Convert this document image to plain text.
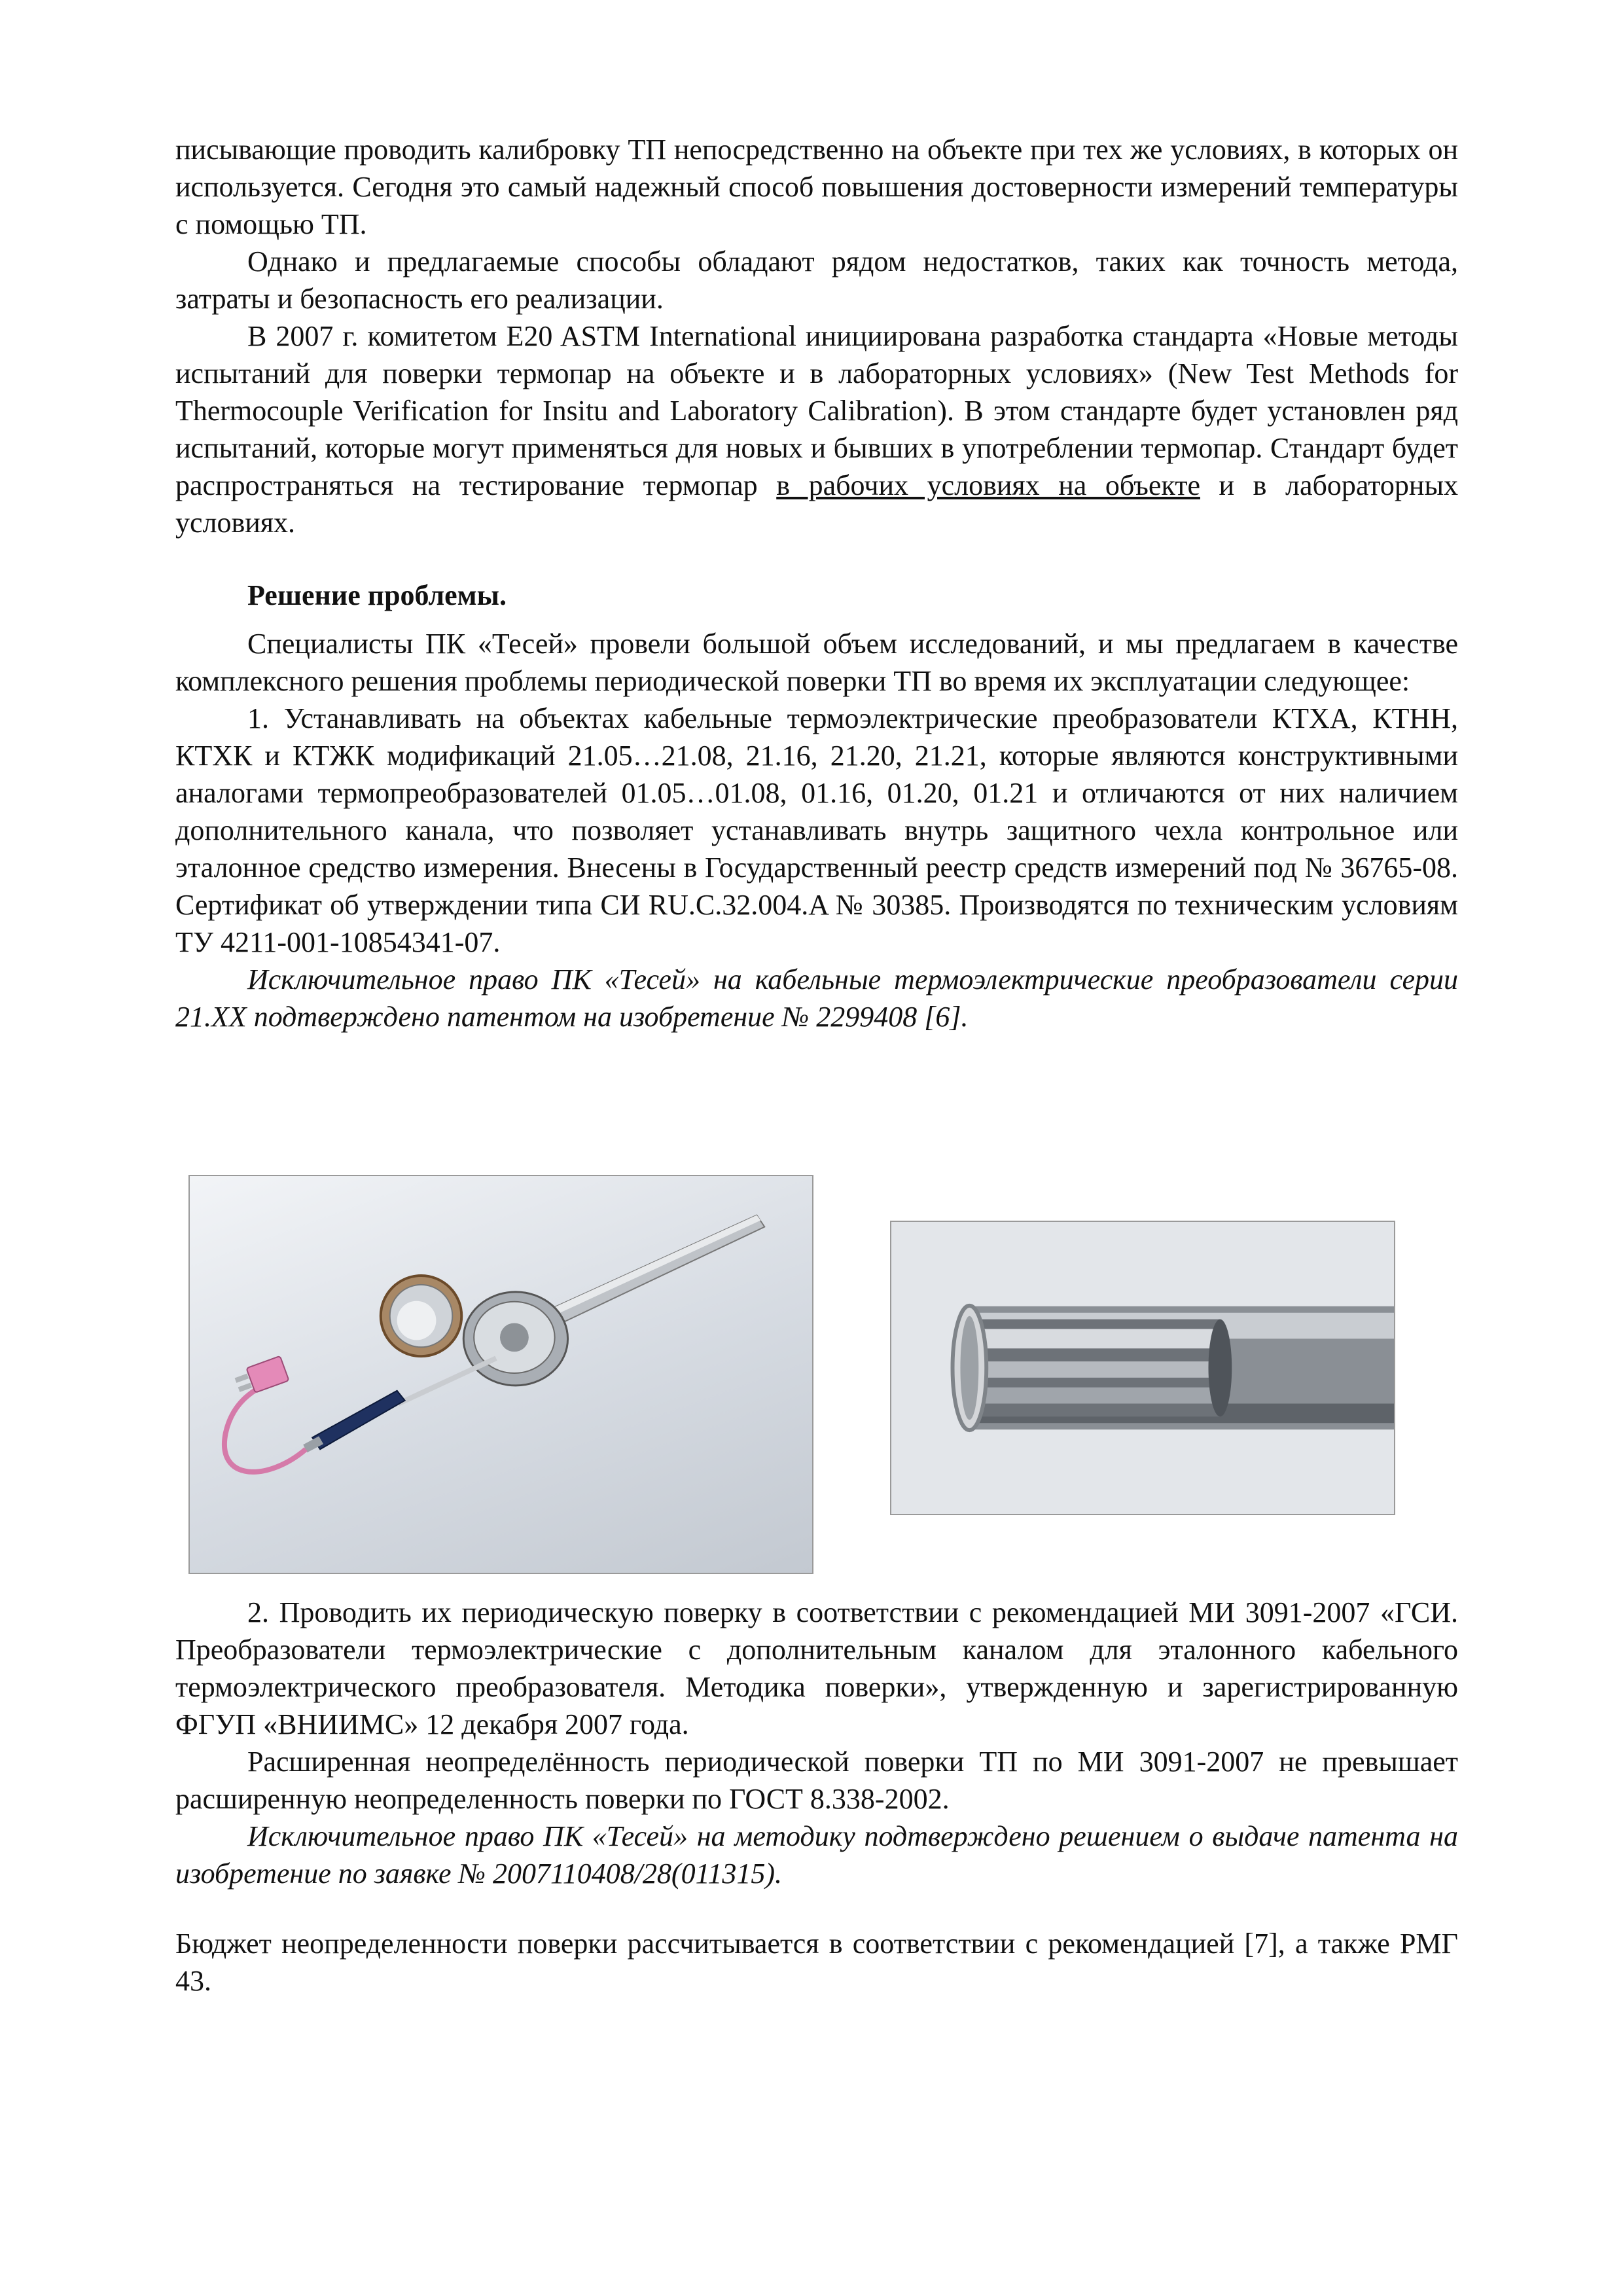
писывающие проводить калибровку ТП непосредственно на объекте при тех же условиях, в которых он используется. Сегодня это самый надежный способ повышения достоверности измерений температуры с помощью ТП.

Однако и предлагаемые способы обладают рядом недостатков, таких как точность метода, затраты и безопасность его реализации.

В 2007 г. комитетом E20 ASTM International инициирована разработка стандарта «Новые методы испытаний для поверки термопар на объекте и в лабораторных условиях» (New Test Methods for Thermocouple Verification for Insitu and Laboratory Calibration). В этом стандарте будет установлен ряд испытаний, которые могут применяться для новых и бывших в употреблении термопар. Стандарт будет распространяться на тестирование термопар в рабочих условиях на объекте и в лабораторных условиях.

Решение проблемы.

Специалисты ПК «Тесей» провели большой объем исследований, и мы предлагаем в качестве комплексного решения проблемы периодической поверки ТП во время их эксплуатации следующее:

1. Устанавливать на объектах кабельные термоэлектрические преобразователи КТХА, КТНН, КТХК и КТЖК модификаций 21.05…21.08, 21.16, 21.20, 21.21, которые являются конструктивными аналогами термопреобразователей 01.05…01.08, 01.16, 01.20, 01.21 и отличаются от них наличием дополнительного канала, что позволяет устанавливать внутрь защитного чехла контрольное или эталонное средство измерения. Внесены в Государственный реестр средств измерений под № 36765-08. Сертификат об утверждении типа СИ RU.C.32.004.A № 30385. Производятся по техническим условиям ТУ 4211-001-10854341-07.

Исключительное право ПК «Тесей» на кабельные термоэлектрические преобразователи серии 21.XX подтверждено патентом на изобретение № 2299408 [6].

2. Проводить их периодическую поверку в соответствии с рекомендацией МИ 3091-2007 «ГСИ. Преобразователи термоэлектрические с дополнительным каналом для эталонного кабельного термоэлектрического преобразователя. Методика поверки», утвержденную и зарегистрированную ФГУП «ВНИИМС» 12 декабря 2007 года.

Расширенная неопределённость периодической поверки ТП по МИ 3091-2007 не превышает расширенную неопределенность поверки по ГОСТ 8.338-2002.

Исключительное право ПК «Тесей» на методику подтверждено решением о выдаче патента на изобретение по заявке № 2007110408/28(011315).

Бюджет неопределенности поверки рассчитывается в соответствии с рекомендацией [7], а также РМГ 43.
